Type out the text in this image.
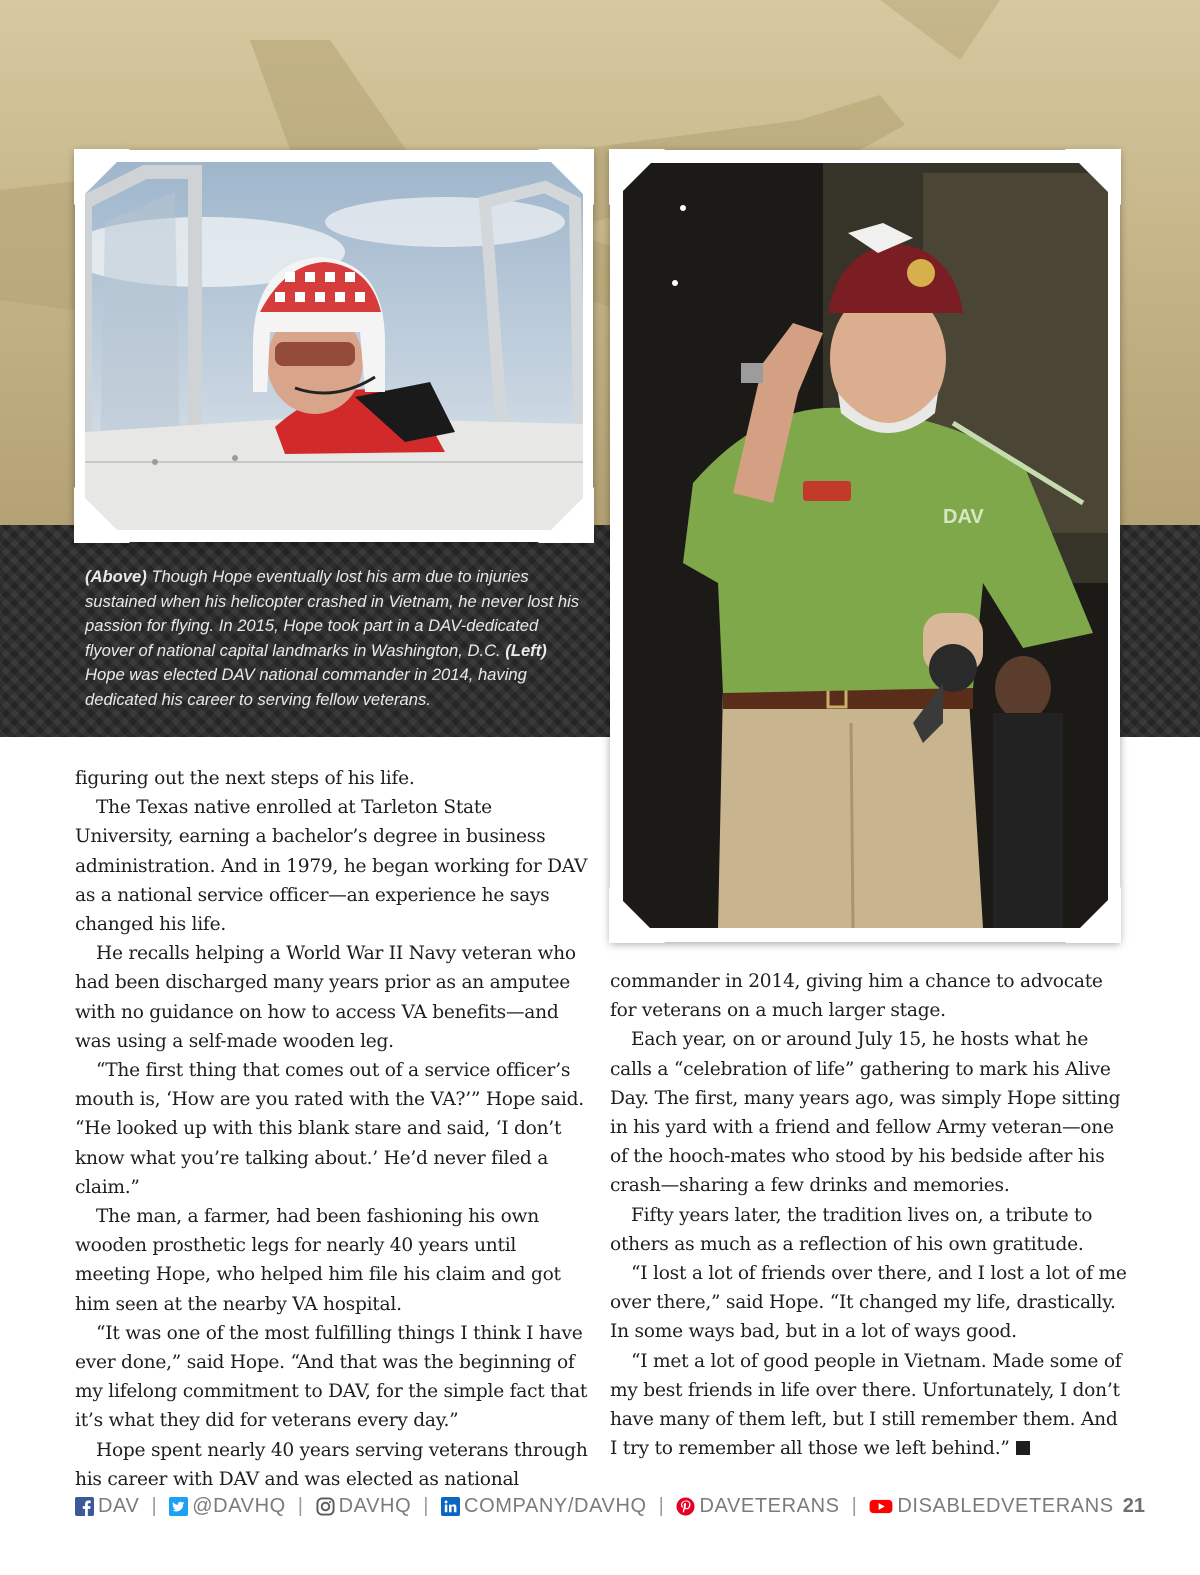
DAV

(Above) Though Hope eventually lost his arm due to injuries sustained when his helicopter crashed in Vietnam, he never lost his passion for flying. In 2015, Hope took part in a DAV-dedicated flyover of national capital landmarks in Washington, D.C. (Left) Hope was elected DAV national commander in 2014, having dedicated his career to serving fellow veterans.

figuring out the next steps of his life.

The Texas native enrolled at Tarleton State University, earning a bachelor’s degree in business administration. And in 1979, he began working for DAV as a national service officer—an experience he says changed his life.

He recalls helping a World War II Navy veteran who had been discharged many years prior as an amputee with no guidance on how to access VA benefits—and was using a self-made wooden leg.

“The first thing that comes out of a service officer’s mouth is, ‘How are you rated with the VA?’” Hope said. “He looked up with this blank stare and said, ‘I don’t know what you’re talking about.’ He’d never filed a claim.”

The man, a farmer, had been fashioning his own wooden prosthetic legs for nearly 40 years until meeting Hope, who helped him file his claim and got him seen at the nearby VA hospital.

“It was one of the most fulfilling things I think I have ever done,” said Hope. “And that was the beginning of my lifelong commitment to DAV, for the simple fact that it’s what they did for veterans every day.”

Hope spent nearly 40 years serving veterans through his career with DAV and was elected as national

commander in 2014, giving him a chance to advocate for veterans on a much larger stage.

Each year, on or around July 15, he hosts what he calls a “celebration of life” gathering to mark his Alive Day. The first, many years ago, was simply Hope sitting in his yard with a friend and fellow Army veteran—one of the hooch-mates who stood by his bedside after his crash—sharing a few drinks and memories.

Fifty years later, the tradition lives on, a tribute to others as much as a reflection of his own gratitude.

“I lost a lot of friends over there, and I lost a lot of me over there,” said Hope. “It changed my life, drastically. In some ways bad, but in a lot of ways good.

“I met a lot of good people in Vietnam. Made some of my best friends in life over there. Unfortunately, I don’t have many of them left, but I still remember them. And I try to remember all those we left behind.”

DAV | @DAVHQ | DAVHQ | COMPANY/DAVHQ | DAVETERANS | DISABLEDVETERANS 21
